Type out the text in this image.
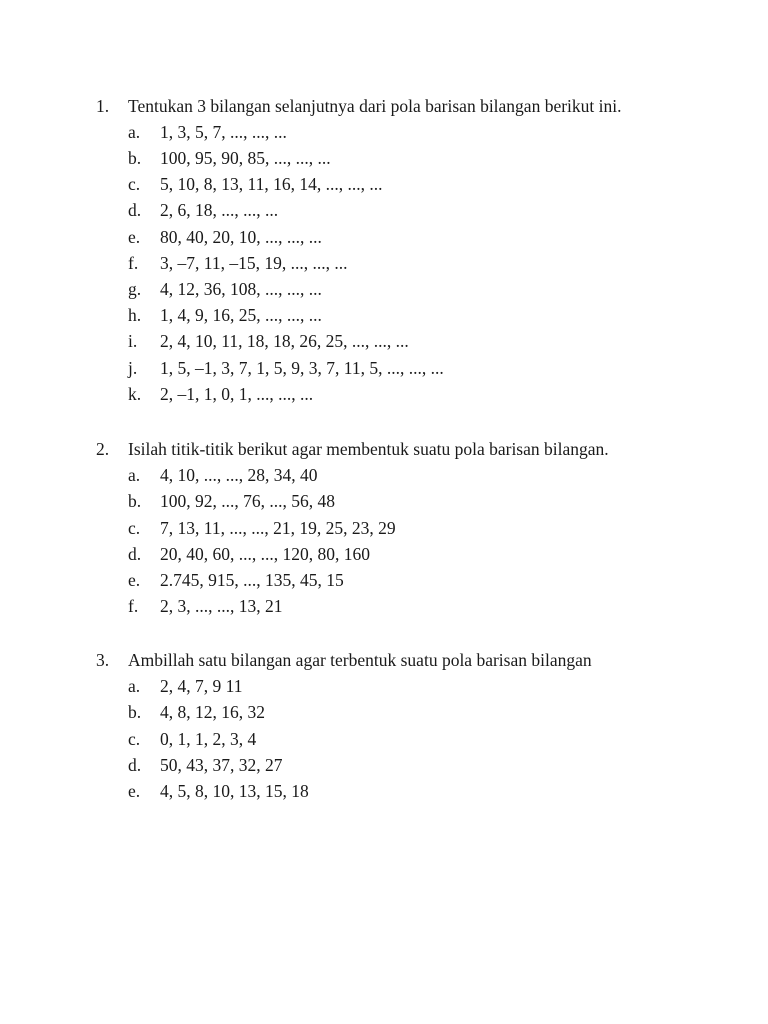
1.	Tentukan 3 bilangan selanjutnya dari pola barisan bilangan berikut ini.
a.	1, 3, 5, 7, ..., ..., ...
b.	100, 95, 90, 85, ..., ..., ...
c.	5, 10, 8, 13, 11, 16, 14, ..., ..., ...
d.	2, 6, 18, ..., ..., ...
e.	80, 40, 20, 10, ..., ..., ...
f.	3, –7, 11, –15, 19, ..., ..., ...
g.	4, 12, 36, 108, ..., ..., ...
h.	1, 4, 9, 16, 25, ..., ..., ...
i.	2, 4, 10, 11, 18, 18, 26, 25, ..., ..., ...
j.	1, 5, –1, 3, 7, 1, 5, 9, 3, 7, 11, 5, ..., ..., ...
k.	2, –1, 1, 0, 1, ..., ..., ...
2.	Isilah titik-titik berikut agar membentuk suatu pola barisan bilangan.
a.	4, 10, ..., ..., 28, 34, 40
b.	100, 92, ..., 76, ..., 56, 48
c.	7, 13, 11, ..., ..., 21, 19, 25, 23, 29
d.	20, 40, 60, ..., ..., 120, 80, 160
e.	2.745, 915, ..., 135, 45, 15
f.	2, 3, ..., ..., 13, 21
3.	Ambillah satu bilangan agar terbentuk suatu pola barisan bilangan
a.	2, 4, 7, 9 11
b.	4, 8, 12, 16, 32
c.	0, 1, 1, 2, 3, 4
d.	50, 43, 37, 32, 27
e.	4, 5, 8, 10, 13, 15, 18
